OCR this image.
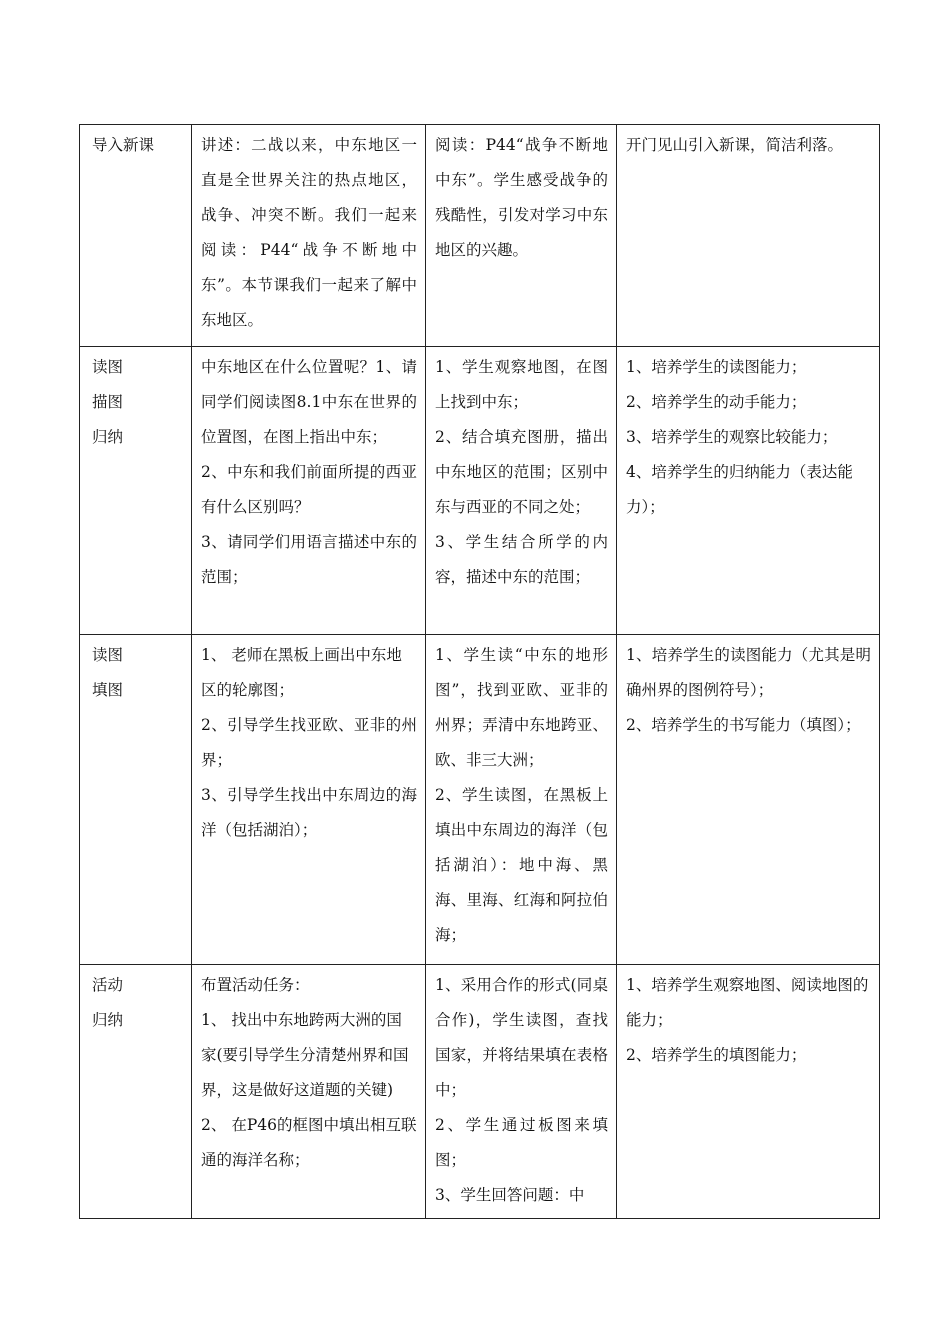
导入新课	讲述：二战以来，中东地区一直是全世界关注的热点地区，战争、冲突不断。我们一起来阅读：P44“战争不断地中东”。本节课我们一起来了解中东地区。	阅读：P44“战争不断地中东”。学生感受战争的残酷性，引发对学习中东地区的兴趣。	开门见山引入新课，简洁利落。

读图
描图
归纳	中东地区在什么位置呢？1、请同学们阅读图8.1中东在世界的位置图，在图上指出中东；
2、中东和我们前面所提的西亚有什么区别吗？
3、请同学们用语言描述中东的范围；	1、学生观察地图，在图上找到中东；
2、结合填充图册，描出中东地区的范围；区别中东与西亚的不同之处；
3、学生结合所学的内容，描述中东的范围；	1、培养学生的读图能力；
2、培养学生的动手能力；
3、培养学生的观察比较能力；
4、培养学生的归纳能力（表达能力）；

读图
填图	1、 老师在黑板上画出中东地区的轮廓图；
2、引导学生找亚欧、亚非的州界；
3、引导学生找出中东周边的海洋（包括湖泊）；	1、学生读“中东的地形图”，找到亚欧、亚非的州界；弄清中东地跨亚、欧、非三大洲；
2、学生读图，在黑板上填出中东周边的海洋（包括湖泊）：地中海、黑海、里海、红海和阿拉伯海；	1、培养学生的读图能力（尤其是明确州界的图例符号）；
2、培养学生的书写能力（填图）；

活动
归纳	布置活动任务：
1、 找出中东地跨两大洲的国家(要引导学生分清楚州界和国界，这是做好这道题的关键)
2、 在P46的框图中填出相互联通的海洋名称；	1、采用合作的形式(同桌合作)，学生读图，查找国家，并将结果填在表格中；
2、学生通过板图来填图；
3、学生回答问题：中	1、培养学生观察地图、阅读地图的能力；
2、培养学生的填图能力；
